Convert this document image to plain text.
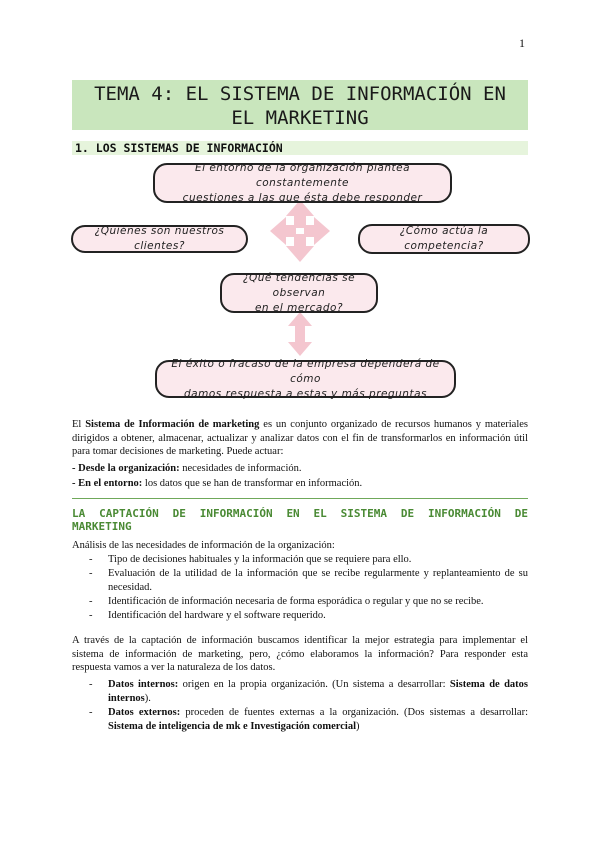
1
TEMA 4: EL SISTEMA DE INFORMACIÓN EN
EL MARKETING
1. LOS SISTEMAS DE INFORMACIÓN
El entorno de la organización plantea constantemente
cuestiones a las que ésta debe responder
¿Quiénes son nuestros clientes?
¿Cómo actúa la competencia?
¿Qué tendencias se observan
en el mercado?
El éxito o fracaso de la empresa dependerá de cómo
damos respuesta a estas y más preguntas
El Sistema de Información de marketing es un conjunto organizado de recursos humanos y materiales dirigidos a obtener, almacenar, actualizar y analizar datos con el fin de transformarlos en información útil para tomar decisiones de marketing. Puede actuar:
- Desde la organización: necesidades de información.
- En el entorno: los datos que se han de transformar en información.
LA CAPTACIÓN DE INFORMACIÓN EN EL SISTEMA DE INFORMACIÓN DE MARKETING
Análisis de las necesidades de información de la organización:
- Tipo de decisiones habituales y la información que se requiere para ello.
- Evaluación de la utilidad de la información que se recibe regularmente y replanteamiento de su necesidad.
- Identificación de información necesaria de forma esporádica o regular y que no se recibe.
- Identificación del hardware y el software requerido.
A través de la captación de información buscamos identificar la mejor estrategia para implementar el sistema de información de marketing, pero, ¿cómo elaboramos la información? Para responder esta respuesta vamos a ver la naturaleza de los datos.
- Datos internos: origen en la propia organización. (Un sistema a desarrollar: Sistema de datos internos).
- Datos externos: proceden de fuentes externas a la organización. (Dos sistemas a desarrollar: Sistema de inteligencia de mk e Investigación comercial)
